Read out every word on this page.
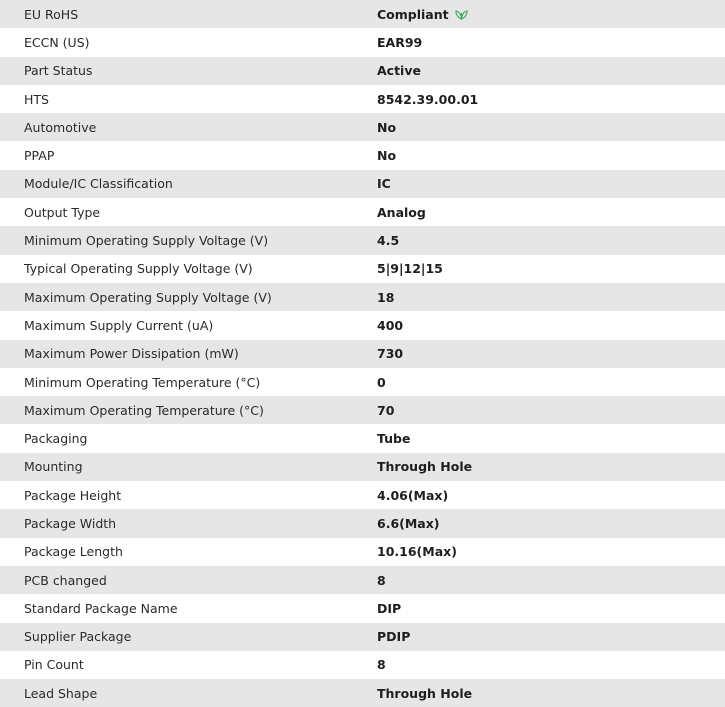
EU RoHS	Compliant
ECCN (US)	EAR99
Part Status	Active
HTS	8542.39.00.01
Automotive	No
PPAP	No
Module/IC Classification	IC
Output Type	Analog
Minimum Operating Supply Voltage (V)	4.5
Typical Operating Supply Voltage (V)	5|9|12|15
Maximum Operating Supply Voltage (V)	18
Maximum Supply Current (uA)	400
Maximum Power Dissipation (mW)	730
Minimum Operating Temperature (°C)	0
Maximum Operating Temperature (°C)	70
Packaging	Tube
Mounting	Through Hole
Package Height	4.06(Max)
Package Width	6.6(Max)
Package Length	10.16(Max)
PCB changed	8
Standard Package Name	DIP
Supplier Package	PDIP
Pin Count	8
Lead Shape	Through Hole
